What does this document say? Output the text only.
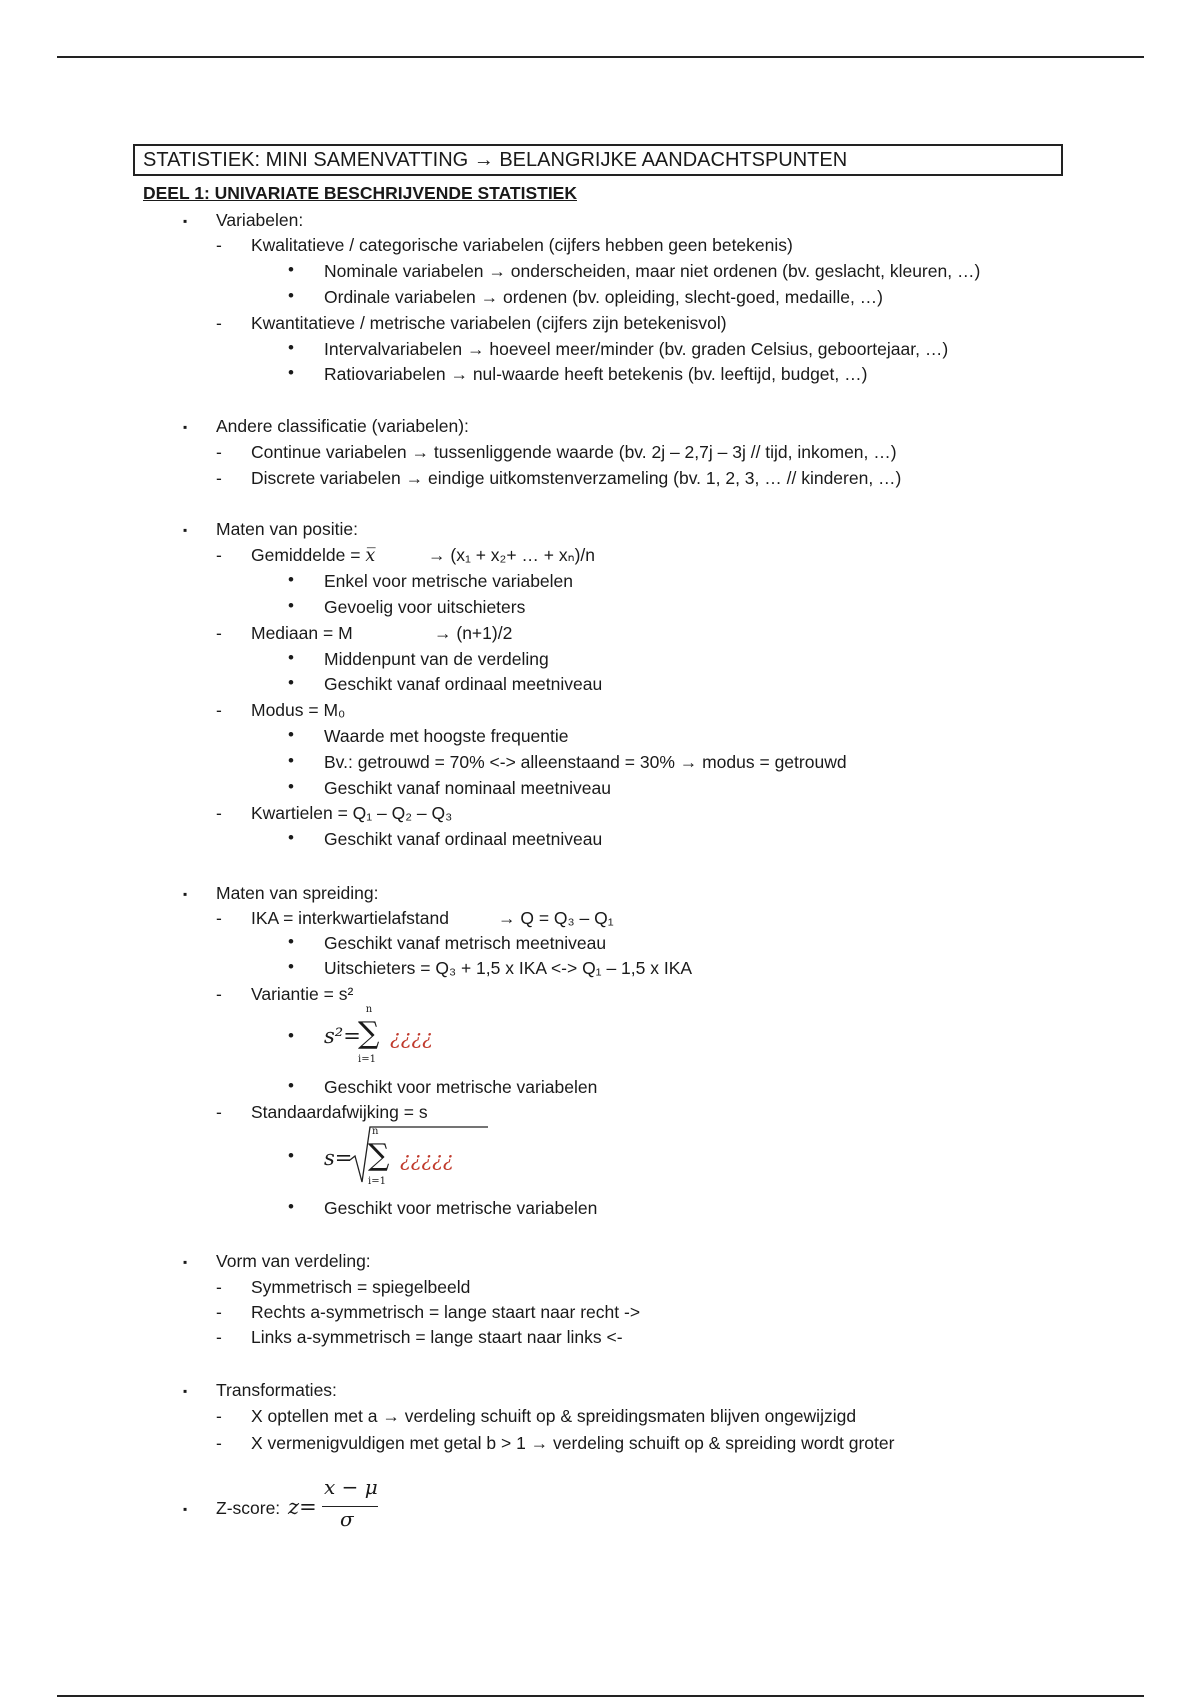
STATISTIEK: MINI SAMENVATTING → BELANGRIJKE AANDACHTSPUNTEN
DEEL 1: UNIVARIATE BESCHRIJVENDE STATISTIEK
▪ Variabelen:
- Kwalitatieve / categorische variabelen (cijfers hebben geen betekenis)
• Nominale variabelen → onderscheiden, maar niet ordenen (bv. geslacht, kleuren, …)
• Ordinale variabelen → ordenen (bv. opleiding, slecht-goed, medaille, …)
- Kwantitatieve / metrische variabelen (cijfers zijn betekenisvol)
• Intervalvariabelen → hoeveel meer/minder (bv. graden Celsius, geboortejaar, …)
• Ratiovariabelen → nul-waarde heeft betekenis (bv. leeftijd, budget, …)
▪ Andere classificatie (variabelen):
- Continue variabelen → tussenliggende waarde (bv. 2j – 2,7j – 3j // tijd, inkomen, …)
- Discrete variabelen → eindige uitkomstenverzameling (bv. 1, 2, 3, … // kinderen, …)
▪ Maten van positie:
- Gemiddelde = x̅	→ (x₁ + x₂+ … + xₙ)/n
• Enkel voor metrische variabelen
• Gevoelig voor uitschieters
- Mediaan = M	→ (n+1)/2
• Middenpunt van de verdeling
• Geschikt vanaf ordinaal meetniveau
- Modus = M₀
• Waarde met hoogste frequentie
• Bv.: getrouwd = 70% <-> alleenstaand = 30% → modus = getrouwd
• Geschikt vanaf nominaal meetniveau
- Kwartielen = Q₁ – Q₂ – Q₃
• Geschikt vanaf ordinaal meetniveau
▪ Maten van spreiding:
- IKA = interkwartielafstand	→ Q = Q₃ – Q₁
• Geschikt vanaf metrisch meetniveau
• Uitschieters = Q₃ + 1,5 x IKA <-> Q₁ – 1,5 x IKA
- Variantie = s²
• s²=
n
∑
i=1
¿¿¿¿
• Geschikt voor metrische variabelen
- Standaardafwijking = s
• s=
n
∑
i=1
¿¿¿¿¿
• Geschikt voor metrische variabelen
▪ Vorm van verdeling:
- Symmetrisch = spiegelbeeld
- Rechts a-symmetrisch = lange staart naar recht ->
- Links a-symmetrisch = lange staart naar links <-
▪ Transformaties:
- X optellen met a → verdeling schuift op & spreidingsmaten blijven ongewijzigd
- X vermenigvuldigen met getal b > 1 → verdeling schuift op & spreiding wordt groter
▪ Z-score: z=
x − μ
σ
